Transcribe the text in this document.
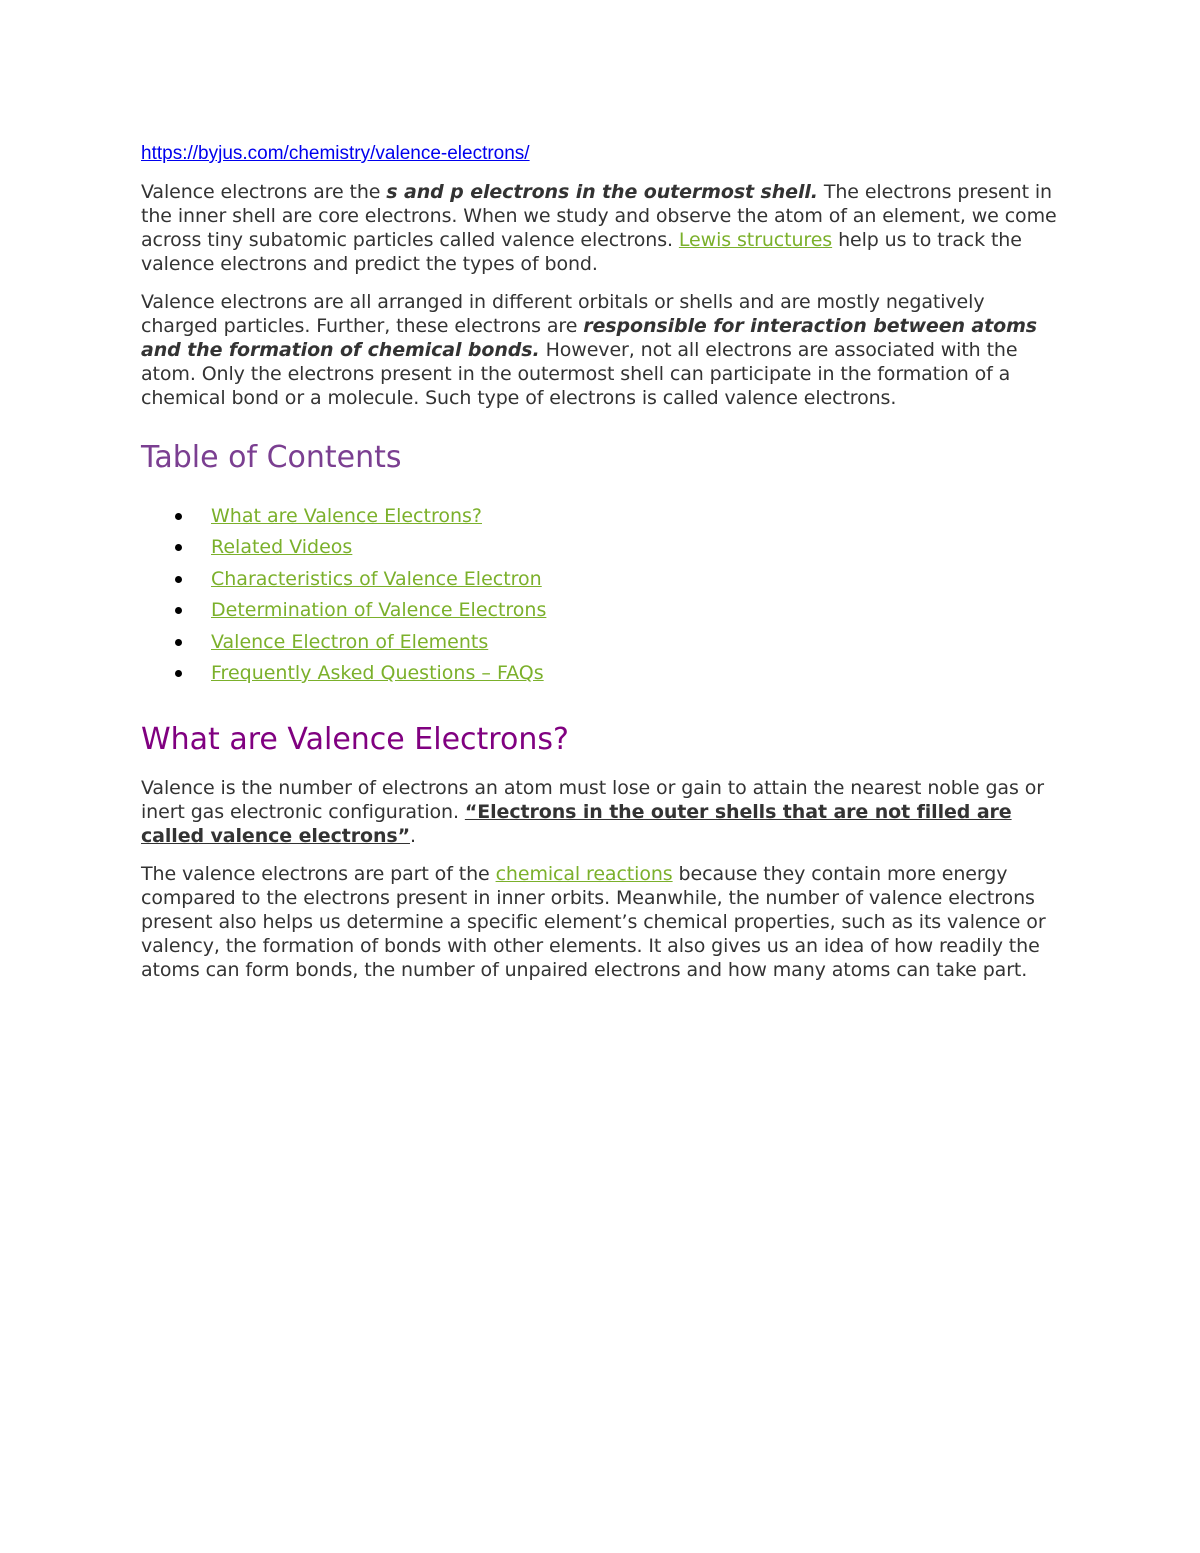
https://byjus.com/chemistry/valence-electrons/

Valence electrons are the s and p electrons in the outermost shell. The electrons present in the inner shell are core electrons. When we study and observe the atom of an element, we come across tiny subatomic particles called valence electrons. Lewis structures help us to track the valence electrons and predict the types of bond.

Valence electrons are all arranged in different orbitals or shells and are mostly negatively charged particles. Further, these electrons are responsible for interaction between atoms and the formation of chemical bonds. However, not all electrons are associated with the atom. Only the electrons present in the outermost shell can participate in the formation of a chemical bond or a molecule. Such type of electrons is called valence electrons.

Table of Contents
What are Valence Electrons?
Related Videos
Characteristics of Valence Electron
Determination of Valence Electrons
Valence Electron of Elements
Frequently Asked Questions – FAQs
What are Valence Electrons?

Valence is the number of electrons an atom must lose or gain to attain the nearest noble gas or inert gas electronic configuration. “Electrons in the outer shells that are not filled are called valence electrons”.

The valence electrons are part of the chemical reactions because they contain more energy compared to the electrons present in inner orbits. Meanwhile, the number of valence electrons present also helps us determine a specific element’s chemical properties, such as its valence or valency, the formation of bonds with other elements. It also gives us an idea of how readily the atoms can form bonds, the number of unpaired electrons and how many atoms can take part.
